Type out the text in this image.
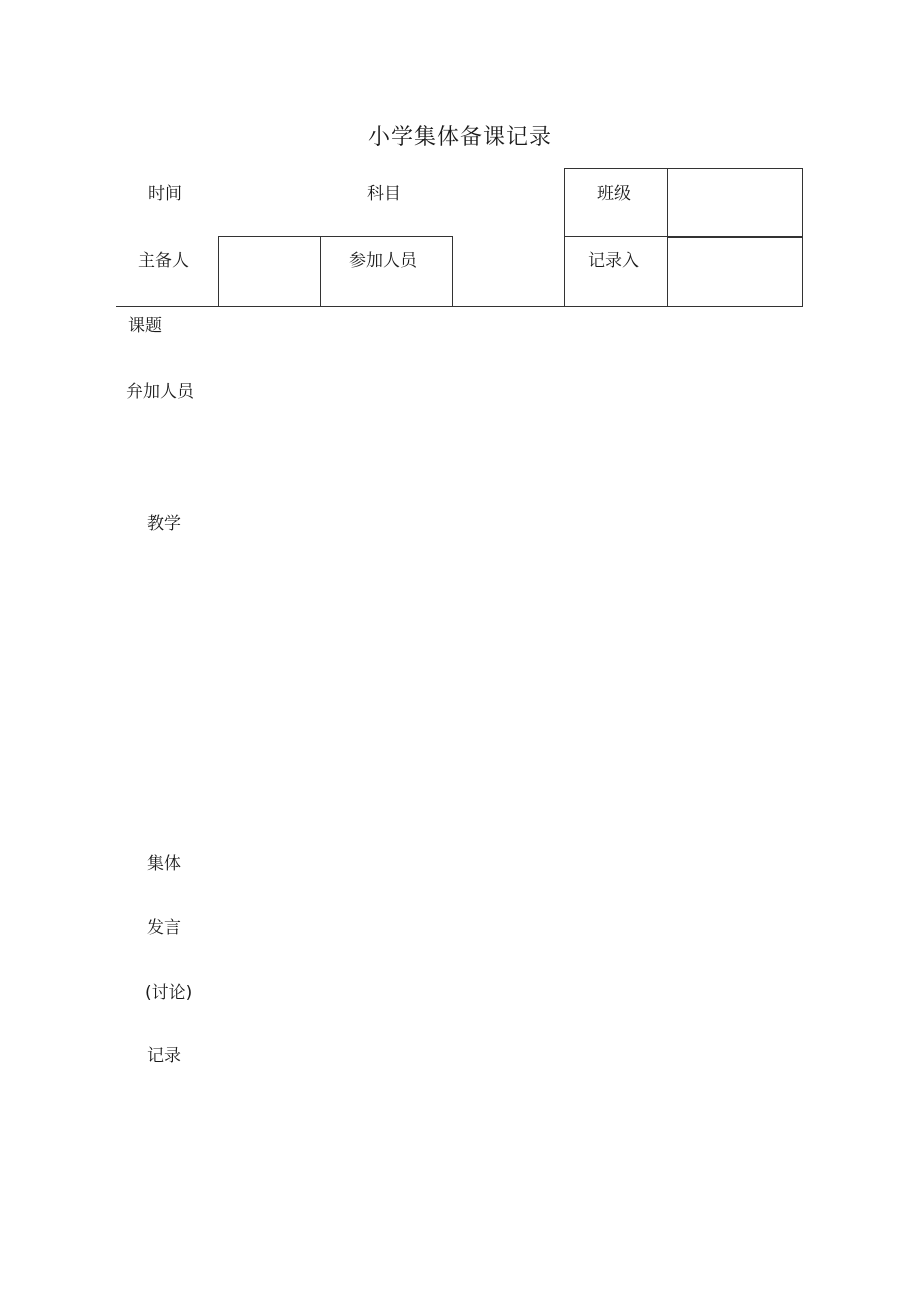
小学集体备课记录
时间	科目	班级
主备人	参加人员	记录入
课题
弁加人员
教学
集体
发言
(讨论)
记录
